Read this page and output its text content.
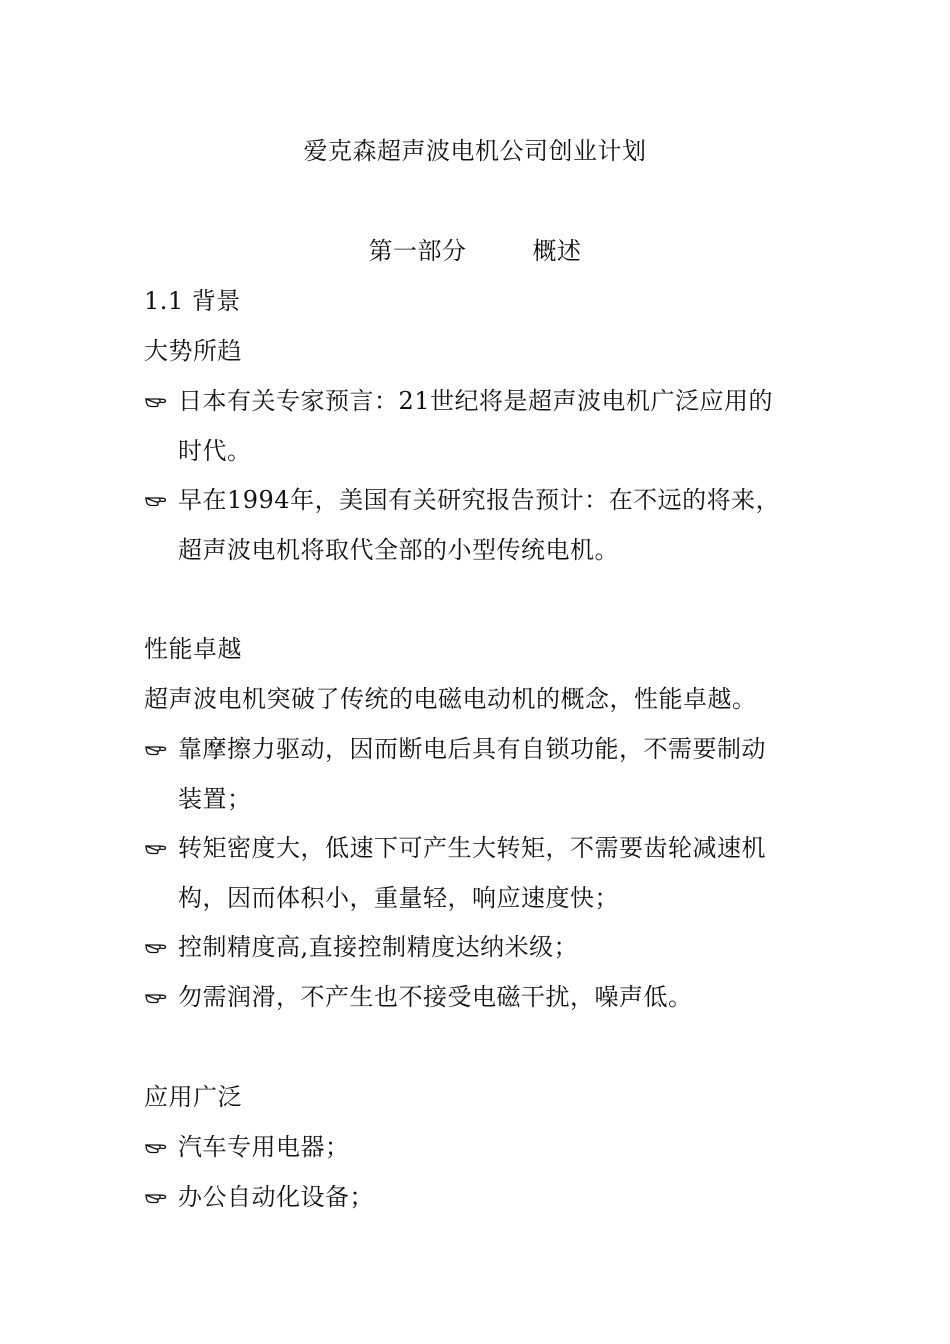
爱克森超声波电机公司创业计划
第一部分	概述
1.1 背景
大势所趋
日本有关专家预言：21世纪将是超声波电机广泛应用的
时代。
早在1994年，美国有关研究报告预计：在不远的将来，
超声波电机将取代全部的小型传统电机。
性能卓越
超声波电机突破了传统的电磁电动机的概念，性能卓越。
靠摩擦力驱动，因而断电后具有自锁功能，不需要制动
装置；
转矩密度大，低速下可产生大转矩，不需要齿轮减速机
构，因而体积小，重量轻，响应速度快；
控制精度高,直接控制精度达纳米级；
勿需润滑，不产生也不接受电磁干扰，噪声低。
应用广泛
汽车专用电器；
办公自动化设备；
